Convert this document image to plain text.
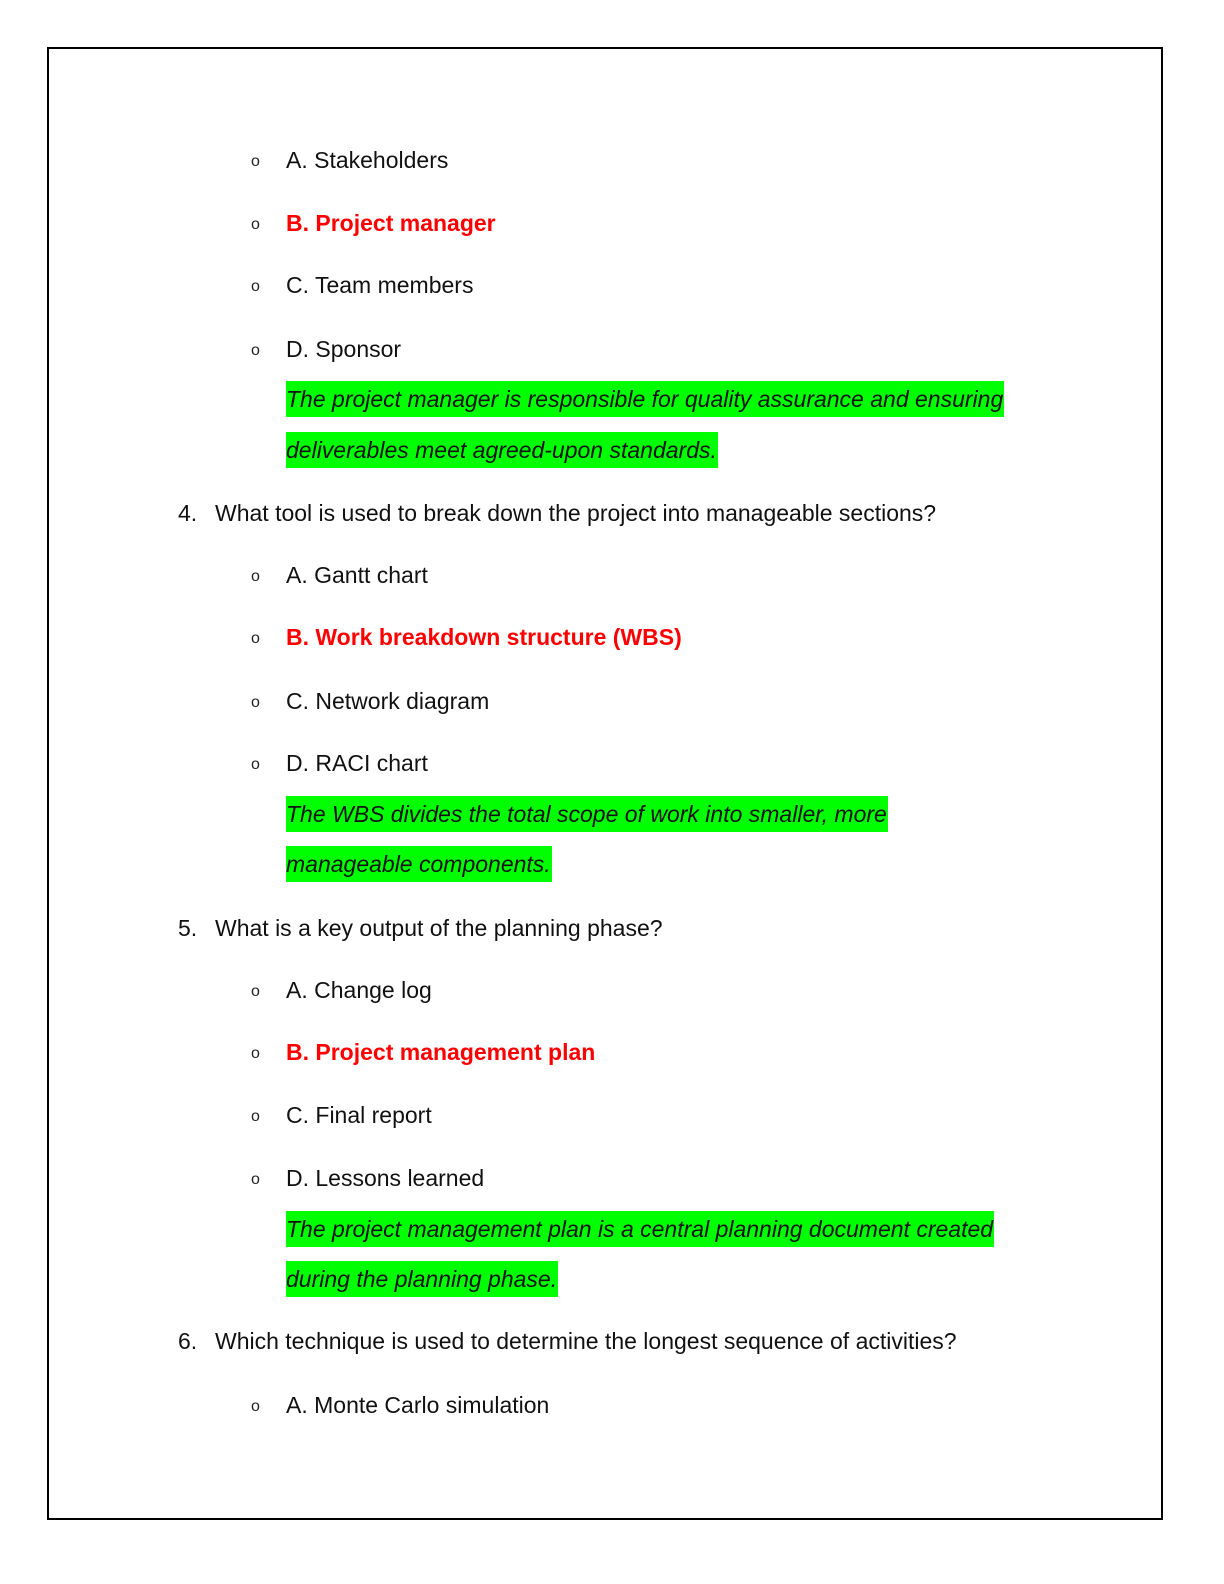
o A. Stakeholders
o B. Project manager
o C. Team members
o D. Sponsor
The project manager is responsible for quality assurance and ensuring
deliverables meet agreed-upon standards.
4. What tool is used to break down the project into manageable sections?
o A. Gantt chart
o B. Work breakdown structure (WBS)
o C. Network diagram
o D. RACI chart
The WBS divides the total scope of work into smaller, more
manageable components.
5. What is a key output of the planning phase?
o A. Change log
o B. Project management plan
o C. Final report
o D. Lessons learned
The project management plan is a central planning document created
during the planning phase.
6. Which technique is used to determine the longest sequence of activities?
o A. Monte Carlo simulation
